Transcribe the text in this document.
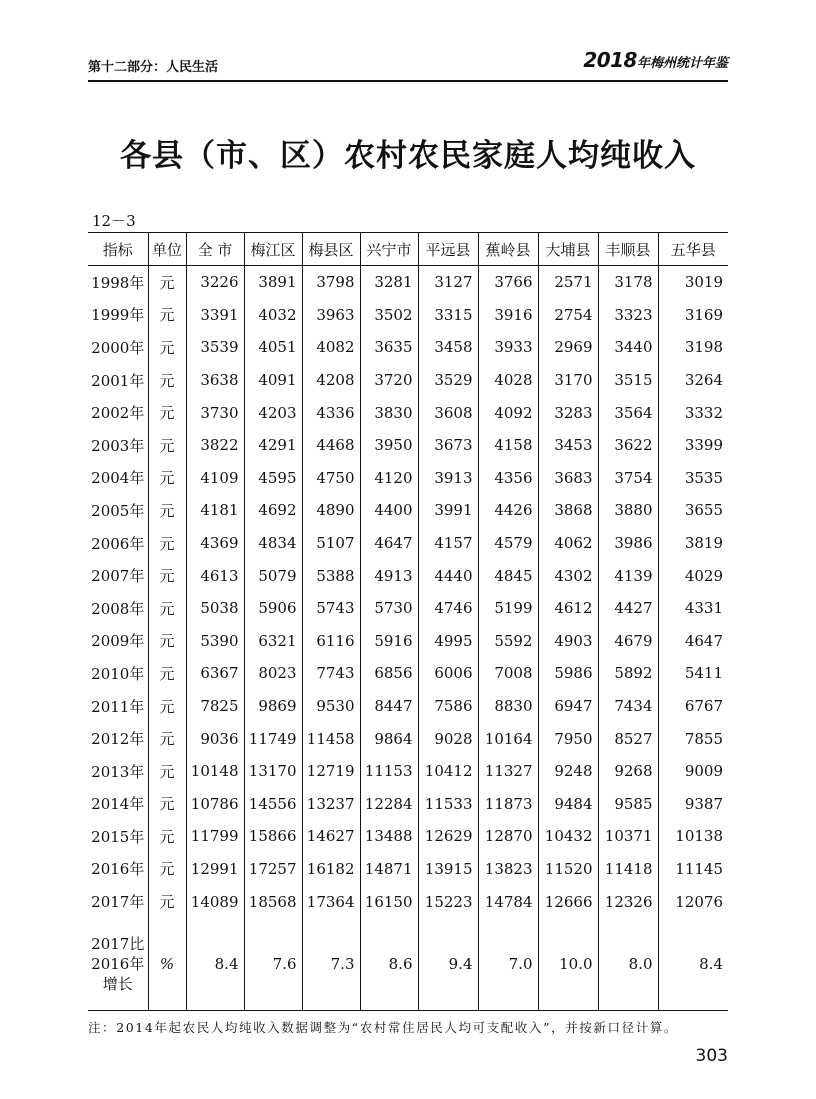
第十二部分：人民生活	2018年梅州统计年鉴
各县（市、区）农村农民家庭人均纯收入
12－3
指标	单位	全 市	梅江区	梅县区	兴宁市	平远县	蕉岭县	大埔县	丰顺县	五华县
1998年	元	3226	3891	3798	3281	3127	3766	2571	3178	3019
1999年	元	3391	4032	3963	3502	3315	3916	2754	3323	3169
2000年	元	3539	4051	4082	3635	3458	3933	2969	3440	3198
2001年	元	3638	4091	4208	3720	3529	4028	3170	3515	3264
2002年	元	3730	4203	4336	3830	3608	4092	3283	3564	3332
2003年	元	3822	4291	4468	3950	3673	4158	3453	3622	3399
2004年	元	4109	4595	4750	4120	3913	4356	3683	3754	3535
2005年	元	4181	4692	4890	4400	3991	4426	3868	3880	3655
2006年	元	4369	4834	5107	4647	4157	4579	4062	3986	3819
2007年	元	4613	5079	5388	4913	4440	4845	4302	4139	4029
2008年	元	5038	5906	5743	5730	4746	5199	4612	4427	4331
2009年	元	5390	6321	6116	5916	4995	5592	4903	4679	4647
2010年	元	6367	8023	7743	6856	6006	7008	5986	5892	5411
2011年	元	7825	9869	9530	8447	7586	8830	6947	7434	6767
2012年	元	9036	11749	11458	9864	9028	10164	7950	8527	7855
2013年	元	10148	13170	12719	11153	10412	11327	9248	9268	9009
2014年	元	10786	14556	13237	12284	11533	11873	9484	9585	9387
2015年	元	11799	15866	14627	13488	12629	12870	10432	10371	10138
2016年	元	12991	17257	16182	14871	13915	13823	11520	11418	11145
2017年	元	14089	18568	17364	16150	15223	14784	12666	12326	12076

2017比
2016年
增长	%	8.4	7.6	7.3	8.6	9.4	7.0	10.0	8.0	8.4
注：2014年起农民人均纯收入数据调整为“农村常住居民人均可支配收入”，并按新口径计算。
303
